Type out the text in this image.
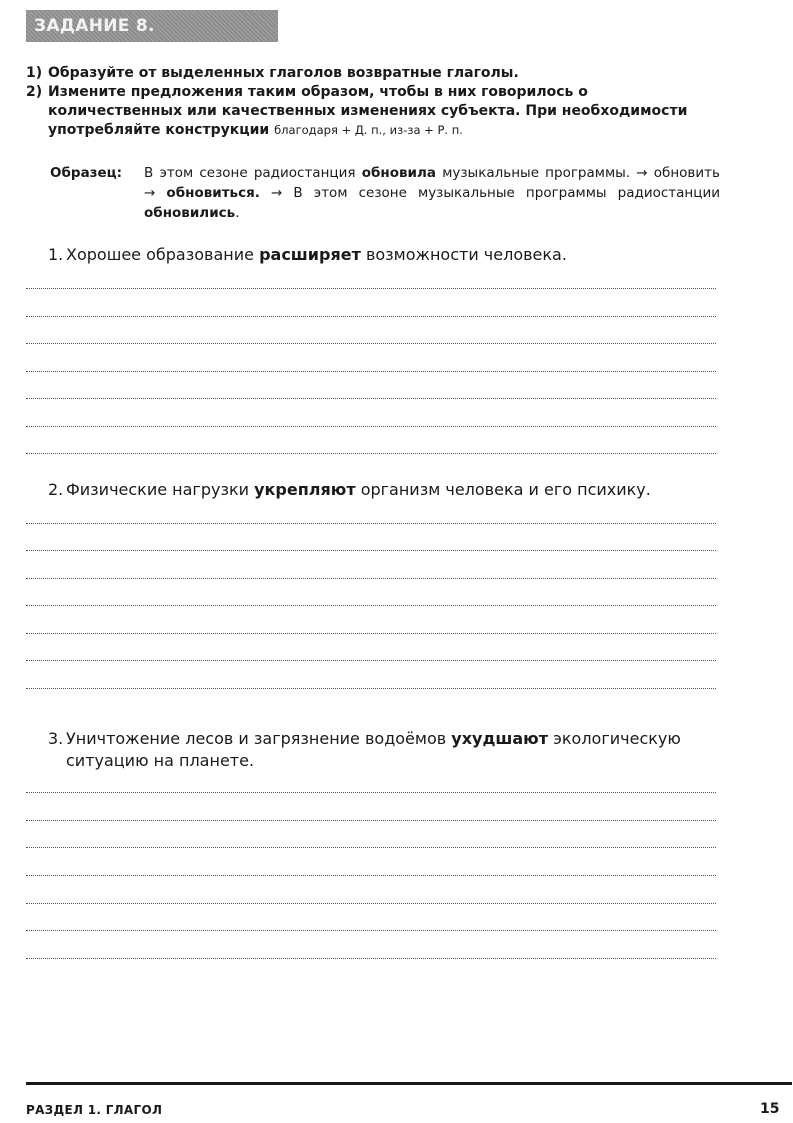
ЗАДАНИЕ 8.
1) Образуйте от выделенных глаголов возвратные глаголы.
2) Измените предложения таким образом, чтобы в них говорилось о количественных или качественных изменениях субъекта. При необходимости употребляйте конструкции благодаря + Д. п., из-за + Р. п.
Образец: В этом сезоне радиостанция обновила музыкальные программы. → обновить → обновиться. → В этом сезоне музыкальные программы радиостанции обновились.

1. Хорошее образование расширяет возможности человека.

2. Физические нагрузки укрепляют организм человека и его психику.

3. Уничтожение лесов и загрязнение водоёмов ухудшают экологическую ситуацию на планете.

РАЗДЕЛ 1. ГЛАГОЛ	15
